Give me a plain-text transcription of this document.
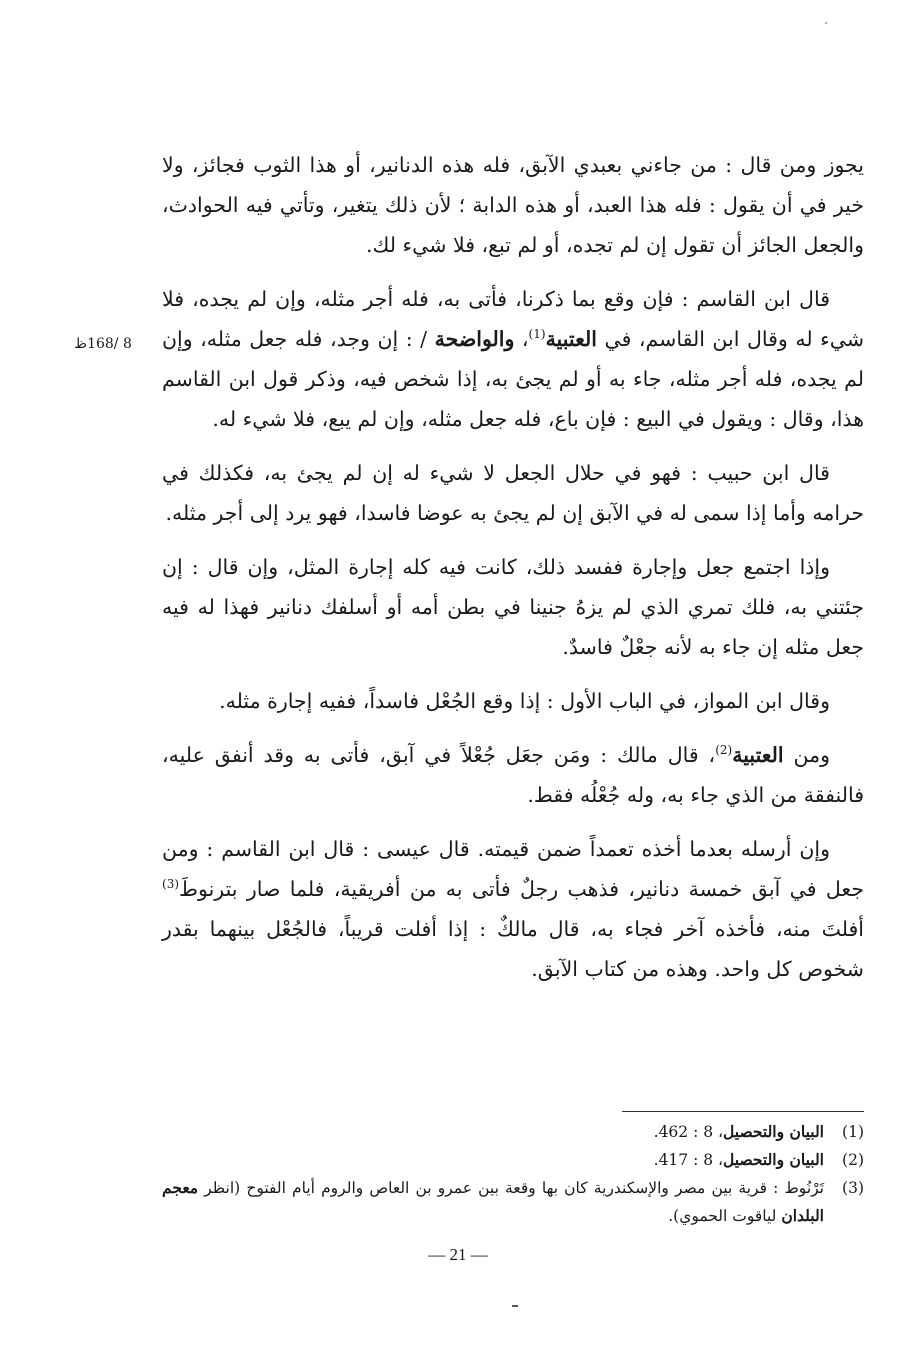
8 /168ظ

يجوز ومن قال : من جاءني بعبدي الآبق، فله هذه الدنانير، أو هذا الثوب فجائز، ولا خير في أن يقول : فله هذا العبد، أو هذه الدابة ؛ لأن ذلك يتغير، وتأتي فيه الحوادث، والجعل الجائز أن تقول إن لم تجده، أو لم تبع، فلا شيء لك.

قال ابن القاسم : فإن وقع بما ذكرنا، فأتى به، فله أجر مثله، وإن لم يجده، فلا شيء له وقال ابن القاسم، في العتبية$^{(1)}$، والواضحة / : إن وجد، فله جعل مثله، وإن لم يجده، فله أجر مثله، جاء به أو لم يجئ به، إذا شخص فيه، وذكر قول ابن القاسم هذا، وقال : ويقول في البيع : فإن باع، فله جعل مثله، وإن لم يبع، فلا شيء له.

قال ابن حبيب : فهو في حلال الجعل لا شيء له إن لم يجئ به، فكذلك في حرامه وأما إذا سمى له في الآبق إن لم يجئ به عوضا فاسدا، فهو يرد إلى أجر مثله.

وإذا اجتمع جعل وإجارة ففسد ذلك، كانت فيه كله إجارة المثل، وإن قال : إن جئتني به، فلك تمري الذي لم يزهُ جنينا في بطن أمه أو أسلفك دنانير فهذا له فيه جعل مثله إن جاء به لأنه جعْلٌ فاسدٌ.

وقال ابن المواز، في الباب الأول : إذا وقع الجُعْل فاسداً، ففيه إجارة مثله.

ومن العتبية$^{(2)}$، قال مالك : ومَن جعَل جُعْلاً في آبق، فأتى به وقد أنفق عليه، فالنفقة من الذي جاء به، وله جُعْلُه فقط.

وإن أرسله بعدما أخذه تعمداً ضمن قيمته. قال عيسى : قال ابن القاسم : ومن جعل في آبق خمسة دنانير، فذهب رجلٌ فأتى به من أفريقية، فلما صار بترنوطَ$^{(3)}$ أفلتَ منه، فأخذه آخر فجاء به، قال مالكٌ : إذا أفلت قريباً، فالجُعْل بينهما بقدر شخوص كل واحد. وهذه من كتاب الآبق.

(1)
البيان والتحصيل، 8 : 462.
(2)
البيان والتحصيل، 8 : 417.
(3)
تَرْنُوط : قرية بين مصر والإسكندرية كان بها وقعة بين عمرو بن العاص والروم أيام الفتوح (انظر معجم البلدان لياقوت الحموي).
— 21 —
